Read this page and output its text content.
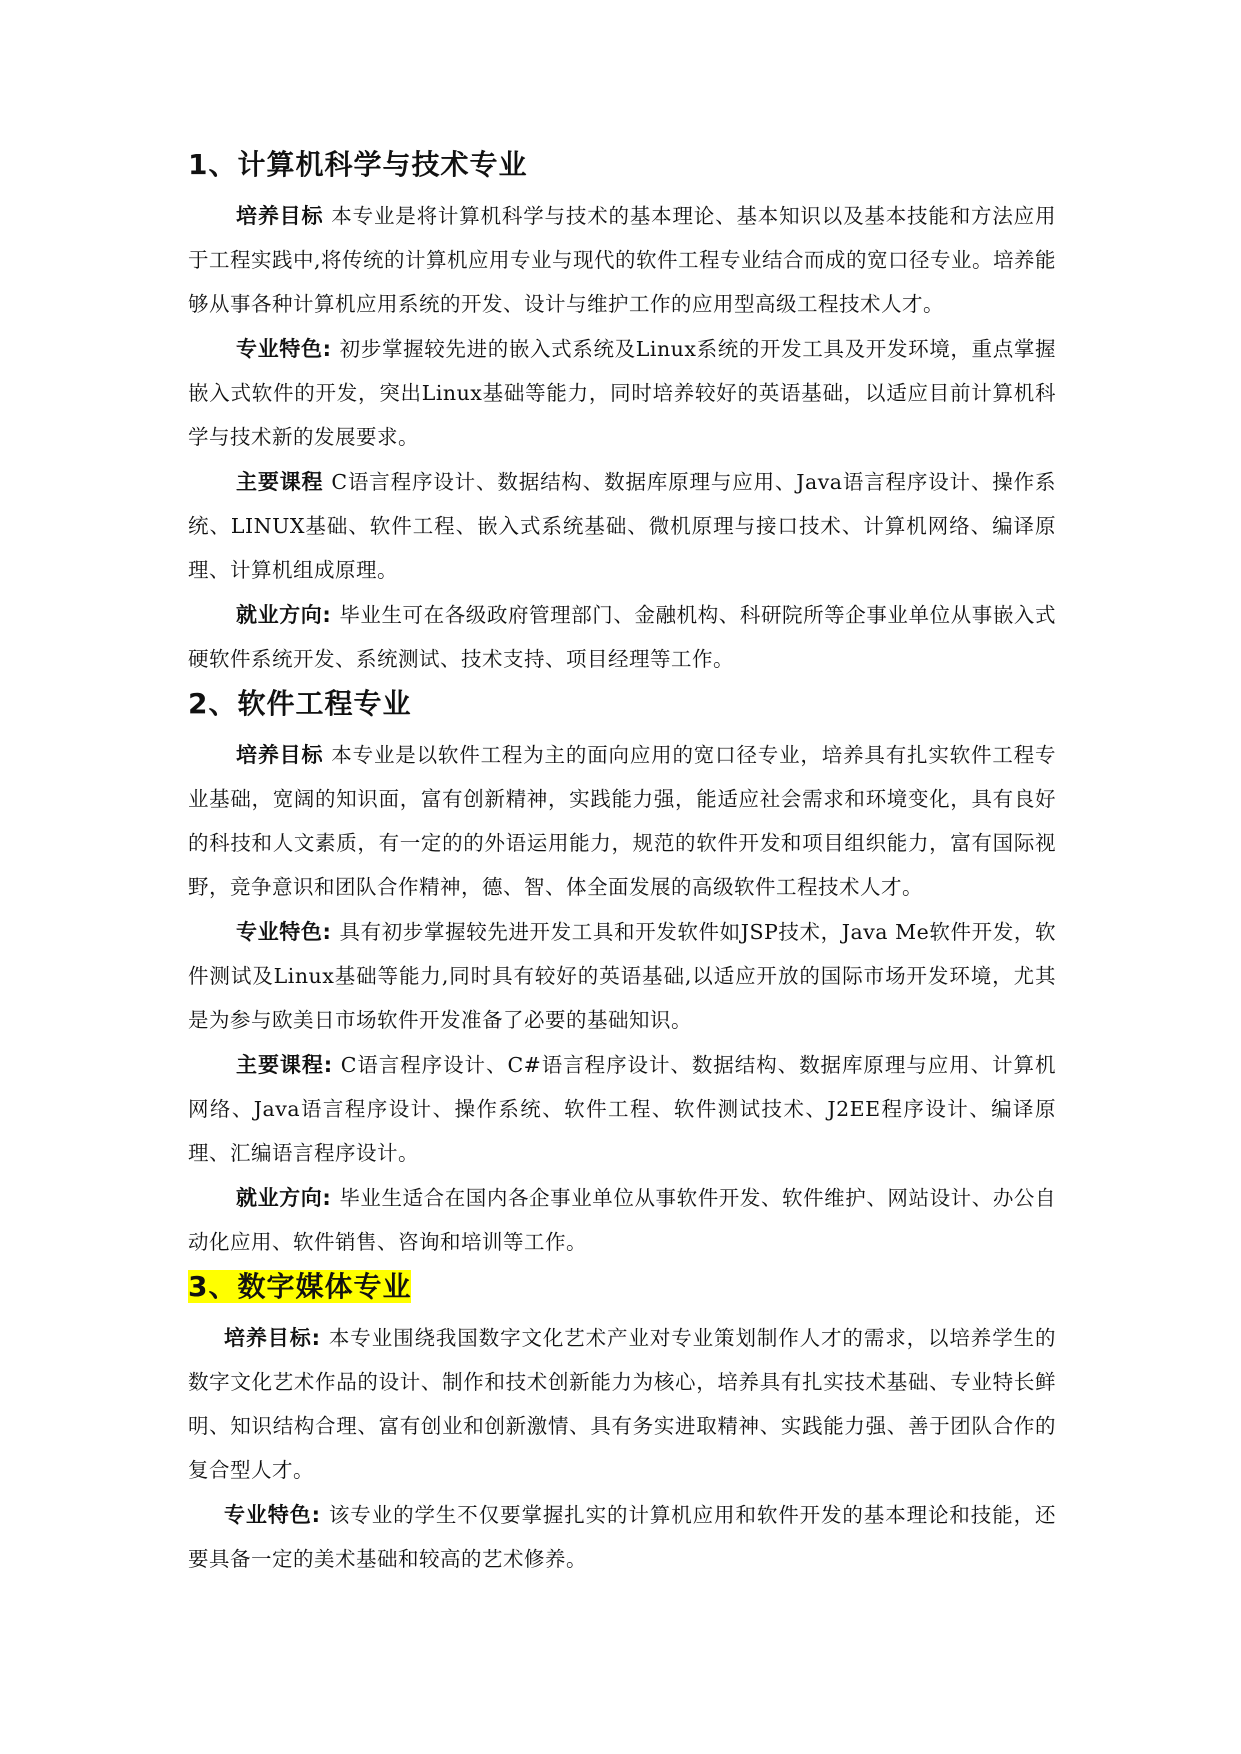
1、计算机科学与技术专业

培养目标 本专业是将计算机科学与技术的基本理论、基本知识以及基本技能和方法应用于工程实践中,将传统的计算机应用专业与现代的软件工程专业结合而成的宽口径专业。培养能够从事各种计算机应用系统的开发、设计与维护工作的应用型高级工程技术人才。

专业特色: 初步掌握较先进的嵌入式系统及Linux系统的开发工具及开发环境，重点掌握嵌入式软件的开发，突出Linux基础等能力，同时培养较好的英语基础，以适应目前计算机科学与技术新的发展要求。

主要课程 C语言程序设计、数据结构、数据库原理与应用、Java语言程序设计、操作系统、LINUX基础、软件工程、嵌入式系统基础、微机原理与接口技术、计算机网络、编译原理、计算机组成原理。

就业方向: 毕业生可在各级政府管理部门、金融机构、科研院所等企事业单位从事嵌入式硬软件系统开发、系统测试、技术支持、项目经理等工作。

2、软件工程专业

培养目标 本专业是以软件工程为主的面向应用的宽口径专业，培养具有扎实软件工程专业基础，宽阔的知识面，富有创新精神，实践能力强，能适应社会需求和环境变化，具有良好的科技和人文素质，有一定的的外语运用能力，规范的软件开发和项目组织能力，富有国际视野，竞争意识和团队合作精神，德、智、体全面发展的高级软件工程技术人才。

专业特色: 具有初步掌握较先进开发工具和开发软件如JSP技术，Java Me软件开发，软件测试及Linux基础等能力,同时具有较好的英语基础,以适应开放的国际市场开发环境，尤其是为参与欧美日市场软件开发准备了必要的基础知识。

主要课程: C语言程序设计、C#语言程序设计、数据结构、数据库原理与应用、计算机网络、Java语言程序设计、操作系统、软件工程、软件测试技术、J2EE程序设计、编译原理、汇编语言程序设计。

就业方向: 毕业生适合在国内各企事业单位从事软件开发、软件维护、网站设计、办公自动化应用、软件销售、咨询和培训等工作。

3、数字媒体专业

培养目标: 本专业围绕我国数字文化艺术产业对专业策划制作人才的需求，以培养学生的数字文化艺术作品的设计、制作和技术创新能力为核心，培养具有扎实技术基础、专业特长鲜明、知识结构合理、富有创业和创新激情、具有务实进取精神、实践能力强、善于团队合作的复合型人才。

专业特色: 该专业的学生不仅要掌握扎实的计算机应用和软件开发的基本理论和技能，还要具备一定的美术基础和较高的艺术修养。
